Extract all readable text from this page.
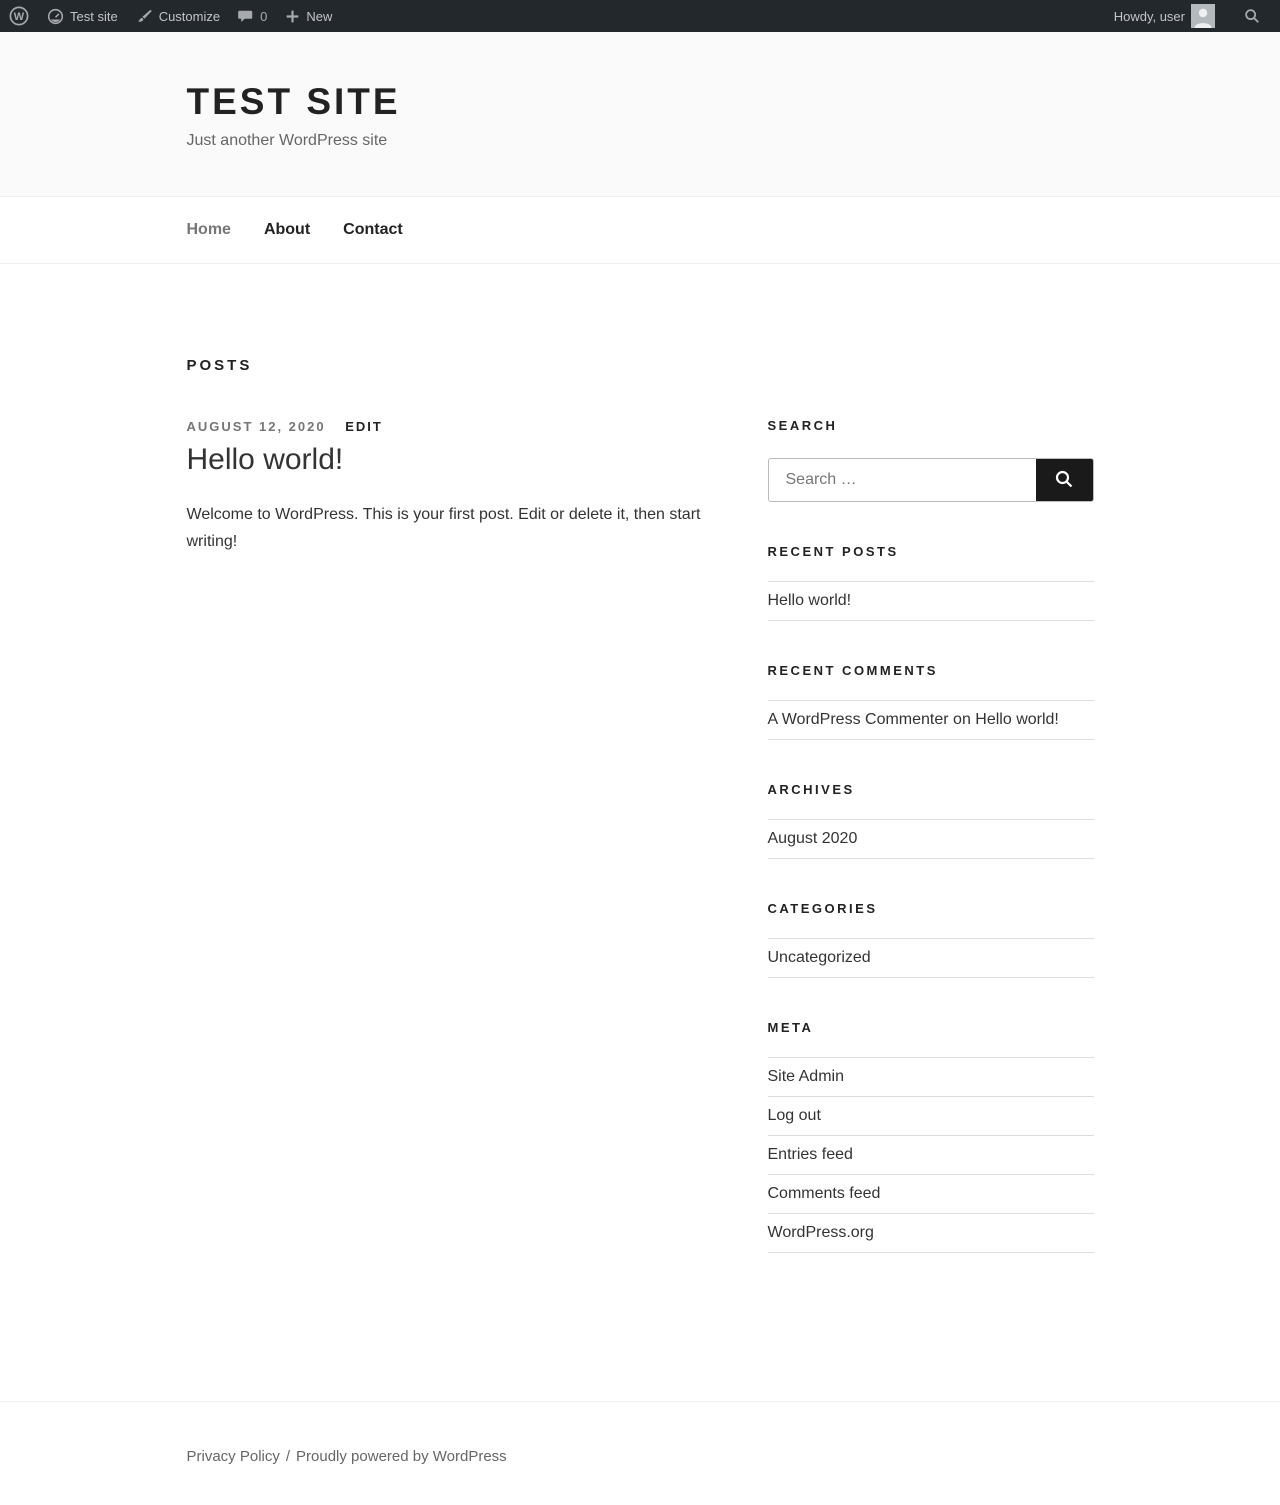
W	Test site	Customize	0	New	Howdy, user
TEST SITE

Just another WordPress site

Home About Contact
POSTS
AUGUST 12, 2020 EDIT
Hello world!

Welcome to WordPress. This is your first post. Edit or delete it, then start writing!

SEARCH
Search …
RECENT POSTS
Hello world!
RECENT COMMENTS
A WordPress Commenter on Hello world!
ARCHIVES
August 2020
CATEGORIES
Uncategorized
META
Site Admin
Log out
Entries feed
Comments feed
WordPress.org
Privacy Policy / Proudly powered by WordPress
